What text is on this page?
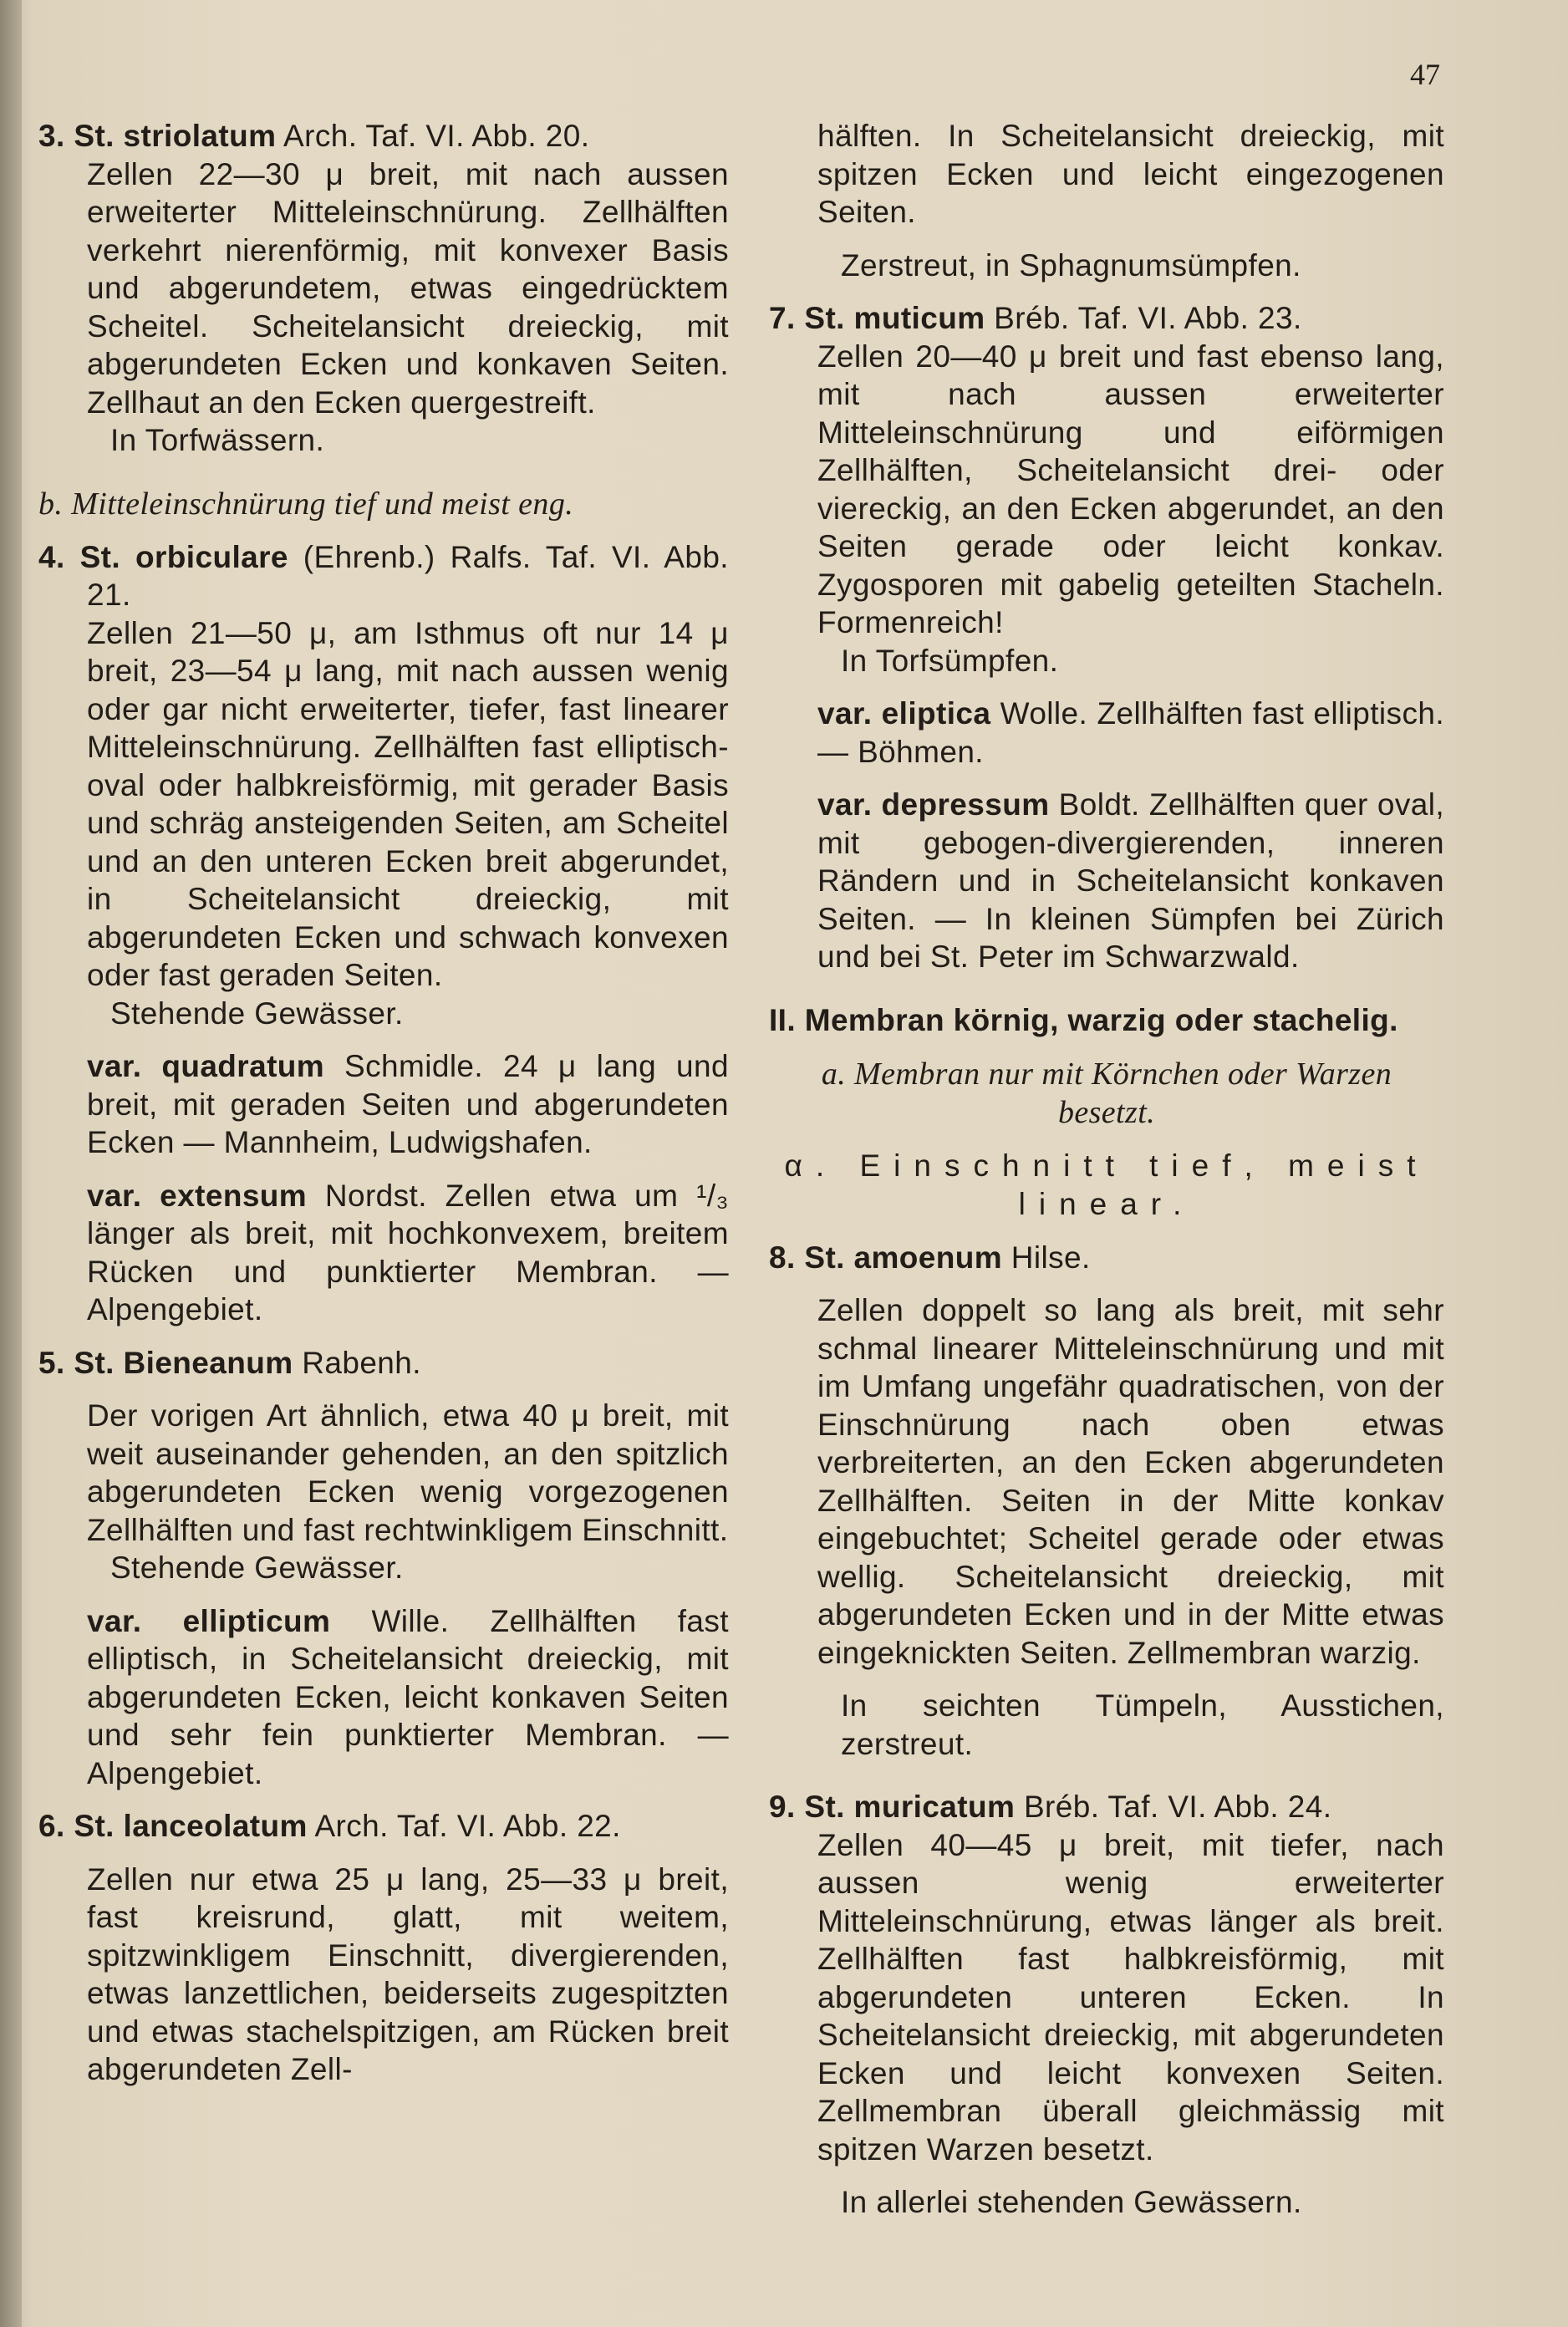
47

3. St. striolatum Arch. Taf. VI. Abb. 20.

Zellen 22—30 μ breit, mit nach aussen erweiterter Mitteleinschnürung. Zellhälften verkehrt nierenförmig, mit konvexer Basis und abgerundetem, etwas eingedrücktem Scheitel. Scheitelansicht dreieckig, mit abgerundeten Ecken und konkaven Seiten. Zellhaut an den Ecken quergestreift.

In Torfwässern.

b. Mitteleinschnürung tief und meist eng.

4. St. orbiculare (Ehrenb.) Ralfs. Taf. VI. Abb. 21.

Zellen 21—50 μ, am Isthmus oft nur 14 μ breit, 23—54 μ lang, mit nach aussen wenig oder gar nicht erweiterter, tiefer, fast linearer Mitteleinschnürung. Zellhälften fast elliptisch-oval oder halbkreisförmig, mit gerader Basis und schräg ansteigenden Seiten, am Scheitel und an den unteren Ecken breit abgerundet, in Scheitelansicht dreieckig, mit abgerundeten Ecken und schwach konvexen oder fast geraden Seiten.

Stehende Gewässer.

var. quadratum Schmidle. 24 μ lang und breit, mit geraden Seiten und abgerundeten Ecken — Mannheim, Ludwigshafen.

var. extensum Nordst. Zellen etwa um ¹/₃ länger als breit, mit hochkonvexem, breitem Rücken und punktierter Membran. — Alpengebiet.

5. St. Bieneanum Rabenh.

Der vorigen Art ähnlich, etwa 40 μ breit, mit weit auseinander gehenden, an den spitzlich abgerundeten Ecken wenig vorgezogenen Zellhälften und fast rechtwinkligem Einschnitt.

Stehende Gewässer.

var. ellipticum Wille. Zellhälften fast elliptisch, in Scheitelansicht dreieckig, mit abgerundeten Ecken, leicht konkaven Seiten und sehr fein punktierter Membran. — Alpengebiet.

6. St. lanceolatum Arch. Taf. VI. Abb. 22.

Zellen nur etwa 25 μ lang, 25—33 μ breit, fast kreisrund, glatt, mit weitem, spitzwinkligem Einschnitt, divergierenden, etwas lanzettlichen, beiderseits zugespitzten und etwas stachelspitzigen, am Rücken breit abgerundeten Zell-

hälften. In Scheitelansicht dreieckig, mit spitzen Ecken und leicht eingezogenen Seiten.

Zerstreut, in Sphagnumsümpfen.

7. St. muticum Bréb. Taf. VI. Abb. 23.

Zellen 20—40 μ breit und fast ebenso lang, mit nach aussen erweiterter Mitteleinschnürung und eiförmigen Zellhälften, Scheitelansicht drei- oder viereckig, an den Ecken abgerundet, an den Seiten gerade oder leicht konkav. Zygosporen mit gabelig geteilten Stacheln. Formenreich!

In Torfsümpfen.

var. eliptica Wolle. Zellhälften fast elliptisch. — Böhmen.

var. depressum Boldt. Zellhälften quer oval, mit gebogen-divergierenden, inneren Rändern und in Scheitelansicht konkaven Seiten. — In kleinen Sümpfen bei Zürich und bei St. Peter im Schwarzwald.

II. Membran körnig, warzig oder stachelig.

a. Membran nur mit Körnchen oder Warzen besetzt.

α. Einschnitt tief, meist linear.

8. St. amoenum Hilse.

Zellen doppelt so lang als breit, mit sehr schmal linearer Mitteleinschnürung und mit im Umfang ungefähr quadratischen, von der Einschnürung nach oben etwas verbreiterten, an den Ecken abgerundeten Zellhälften. Seiten in der Mitte konkav eingebuchtet; Scheitel gerade oder etwas wellig. Scheitelansicht dreieckig, mit abgerundeten Ecken und in der Mitte etwas eingeknickten Seiten. Zellmembran warzig.

In seichten Tümpeln, Ausstichen, zerstreut.

9. St. muricatum Bréb. Taf. VI. Abb. 24.

Zellen 40—45 μ breit, mit tiefer, nach aussen wenig erweiterter Mitteleinschnürung, etwas länger als breit. Zellhälften fast halbkreisförmig, mit abgerundeten unteren Ecken. In Scheitelansicht dreieckig, mit abgerundeten Ecken und leicht konvexen Seiten. Zellmembran überall gleichmässig mit spitzen Warzen besetzt.

In allerlei stehenden Gewässern.
